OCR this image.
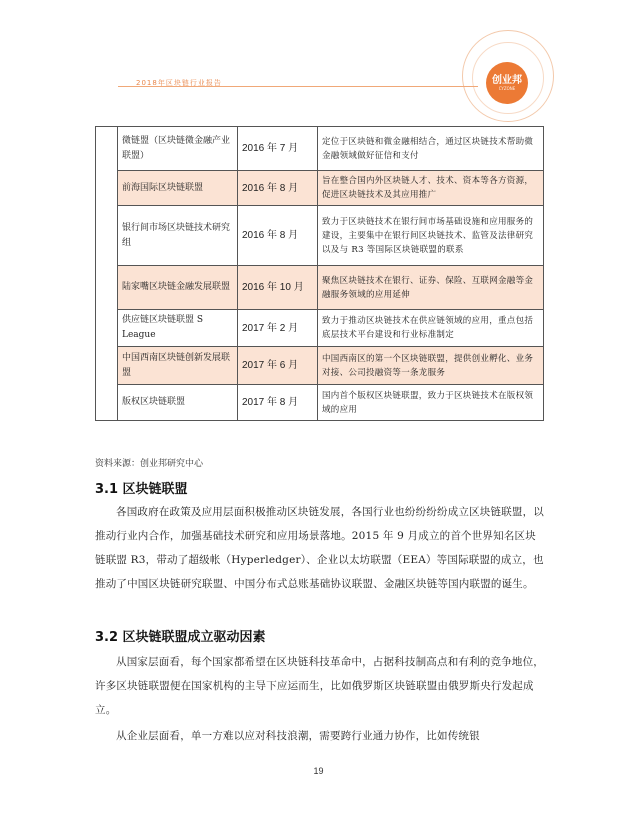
2018年区块链行业报告	创业邦
CYZONE
	微链盟（区块链微金融产业联盟）	2016 年 7 月	定位于区块链和微金融相结合，通过区块链技术帮助微金融领域做好征信和支付
	前海国际区块链联盟	2016 年 8 月	旨在整合国内外区块链人才、技术、资本等各方资源，促进区块链技术及其应用推广
	银行间市场区块链技术研究组	2016 年 8 月	致力于区块链技术在银行间市场基础设施和应用服务的建设，主要集中在银行间区块链技术、监管及法律研究以及与 R3 等国际区块链联盟的联系
	陆家嘴区块链金融发展联盟	2016 年 10 月	聚焦区块链技术在银行、证券、保险、互联网金融等金融服务领域的应用延伸
	供应链区块链联盟 S League	2017 年 2 月	致力于推动区块链技术在供应链领域的应用，重点包括底层技术平台建设和行业标准制定
	中国西南区块链创新发展联盟	2017 年 6 月	中国西南区的第一个区块链联盟，提供创业孵化、业务对接、公司投融资等一条龙服务
	版权区块链联盟	2017 年 8 月	国内首个版权区块链联盟，致力于区块链技术在版权领域的应用
资料来源：创业邦研究中心
3.1 区块链联盟
各国政府在政策及应用层面积极推动区块链发展，各国行业也纷纷纷纷成立区块链联盟，以推动行业内合作，加强基础技术研究和应用场景落地。2015 年 9 月成立的首个世界知名区块链联盟 R3，带动了超级帐（Hyperledger）、企业以太坊联盟（EEA）等国际联盟的成立，也推动了中国区块链研究联盟、中国分布式总账基础协议联盟、金融区块链等国内联盟的诞生。
3.2 区块链联盟成立驱动因素
从国家层面看，每个国家都希望在区块链科技革命中，占据科技制高点和有利的竞争地位，许多区块链联盟便在国家机构的主导下应运而生，比如俄罗斯区块链联盟由俄罗斯央行发起成立。
从企业层面看，单一方难以应对科技浪潮，需要跨行业通力协作，比如传统银
19
